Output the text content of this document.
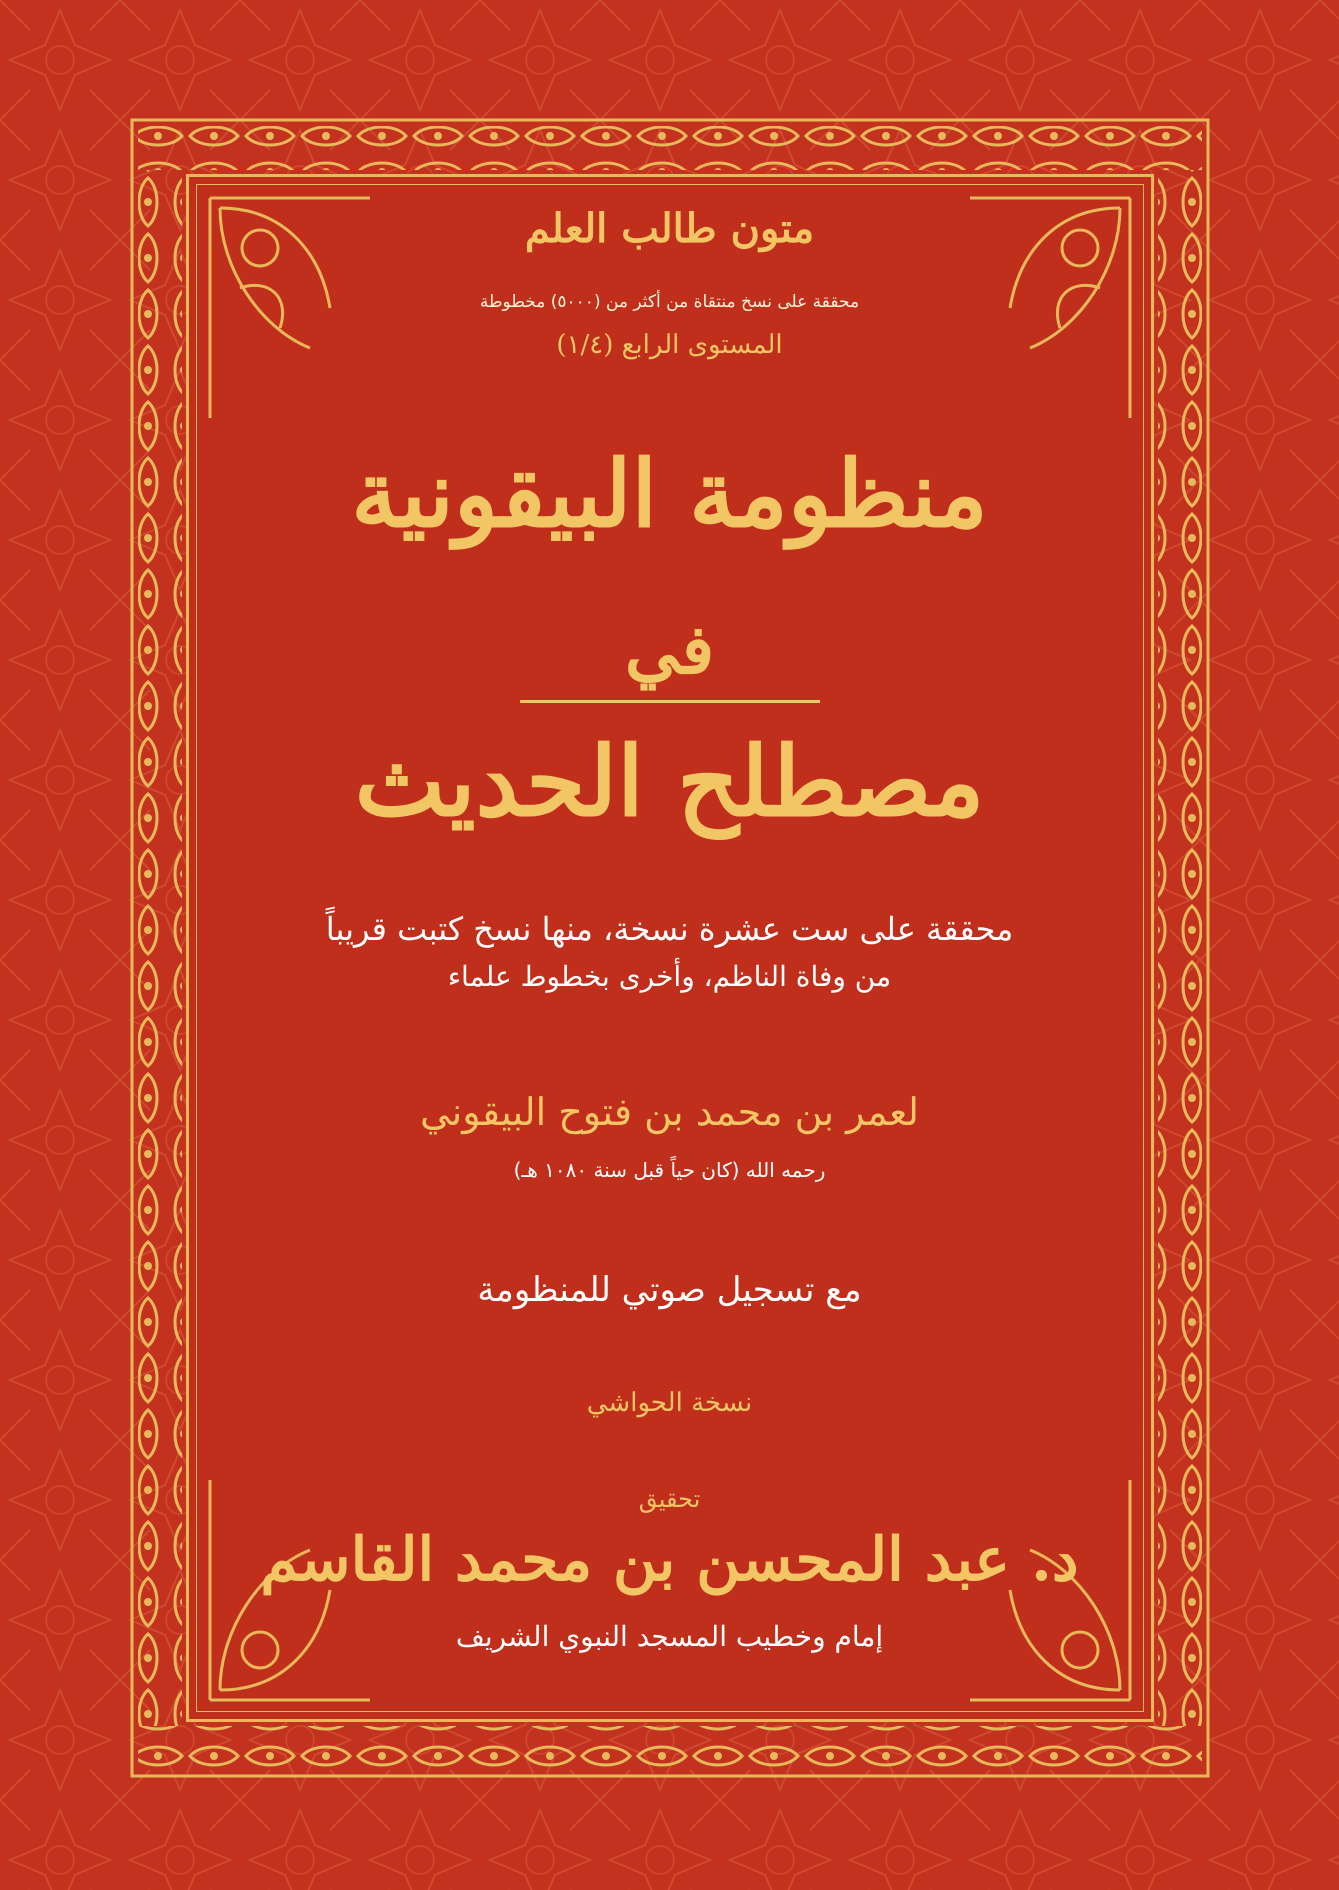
متون طالب العلم
محققة على نسخ منتقاة من أكثر من (٥٠٠٠) مخطوطة
المستوى الرابع (١/٤)
منظومة البيقونية
في
مصطلح الحديث
محققة على ست عشرة نسخة، منها نسخ كتبت قريباً
من وفاة الناظم، وأخرى بخطوط علماء
لعمر بن محمد بن فتوح البيقوني
رحمه الله (كان حياً قبل سنة ١٠٨٠ هـ)
مع تسجيل صوتي للمنظومة
نسخة الحواشي
تحقيق
د. عبد المحسن بن محمد القاسم
إمام وخطيب المسجد النبوي الشريف
